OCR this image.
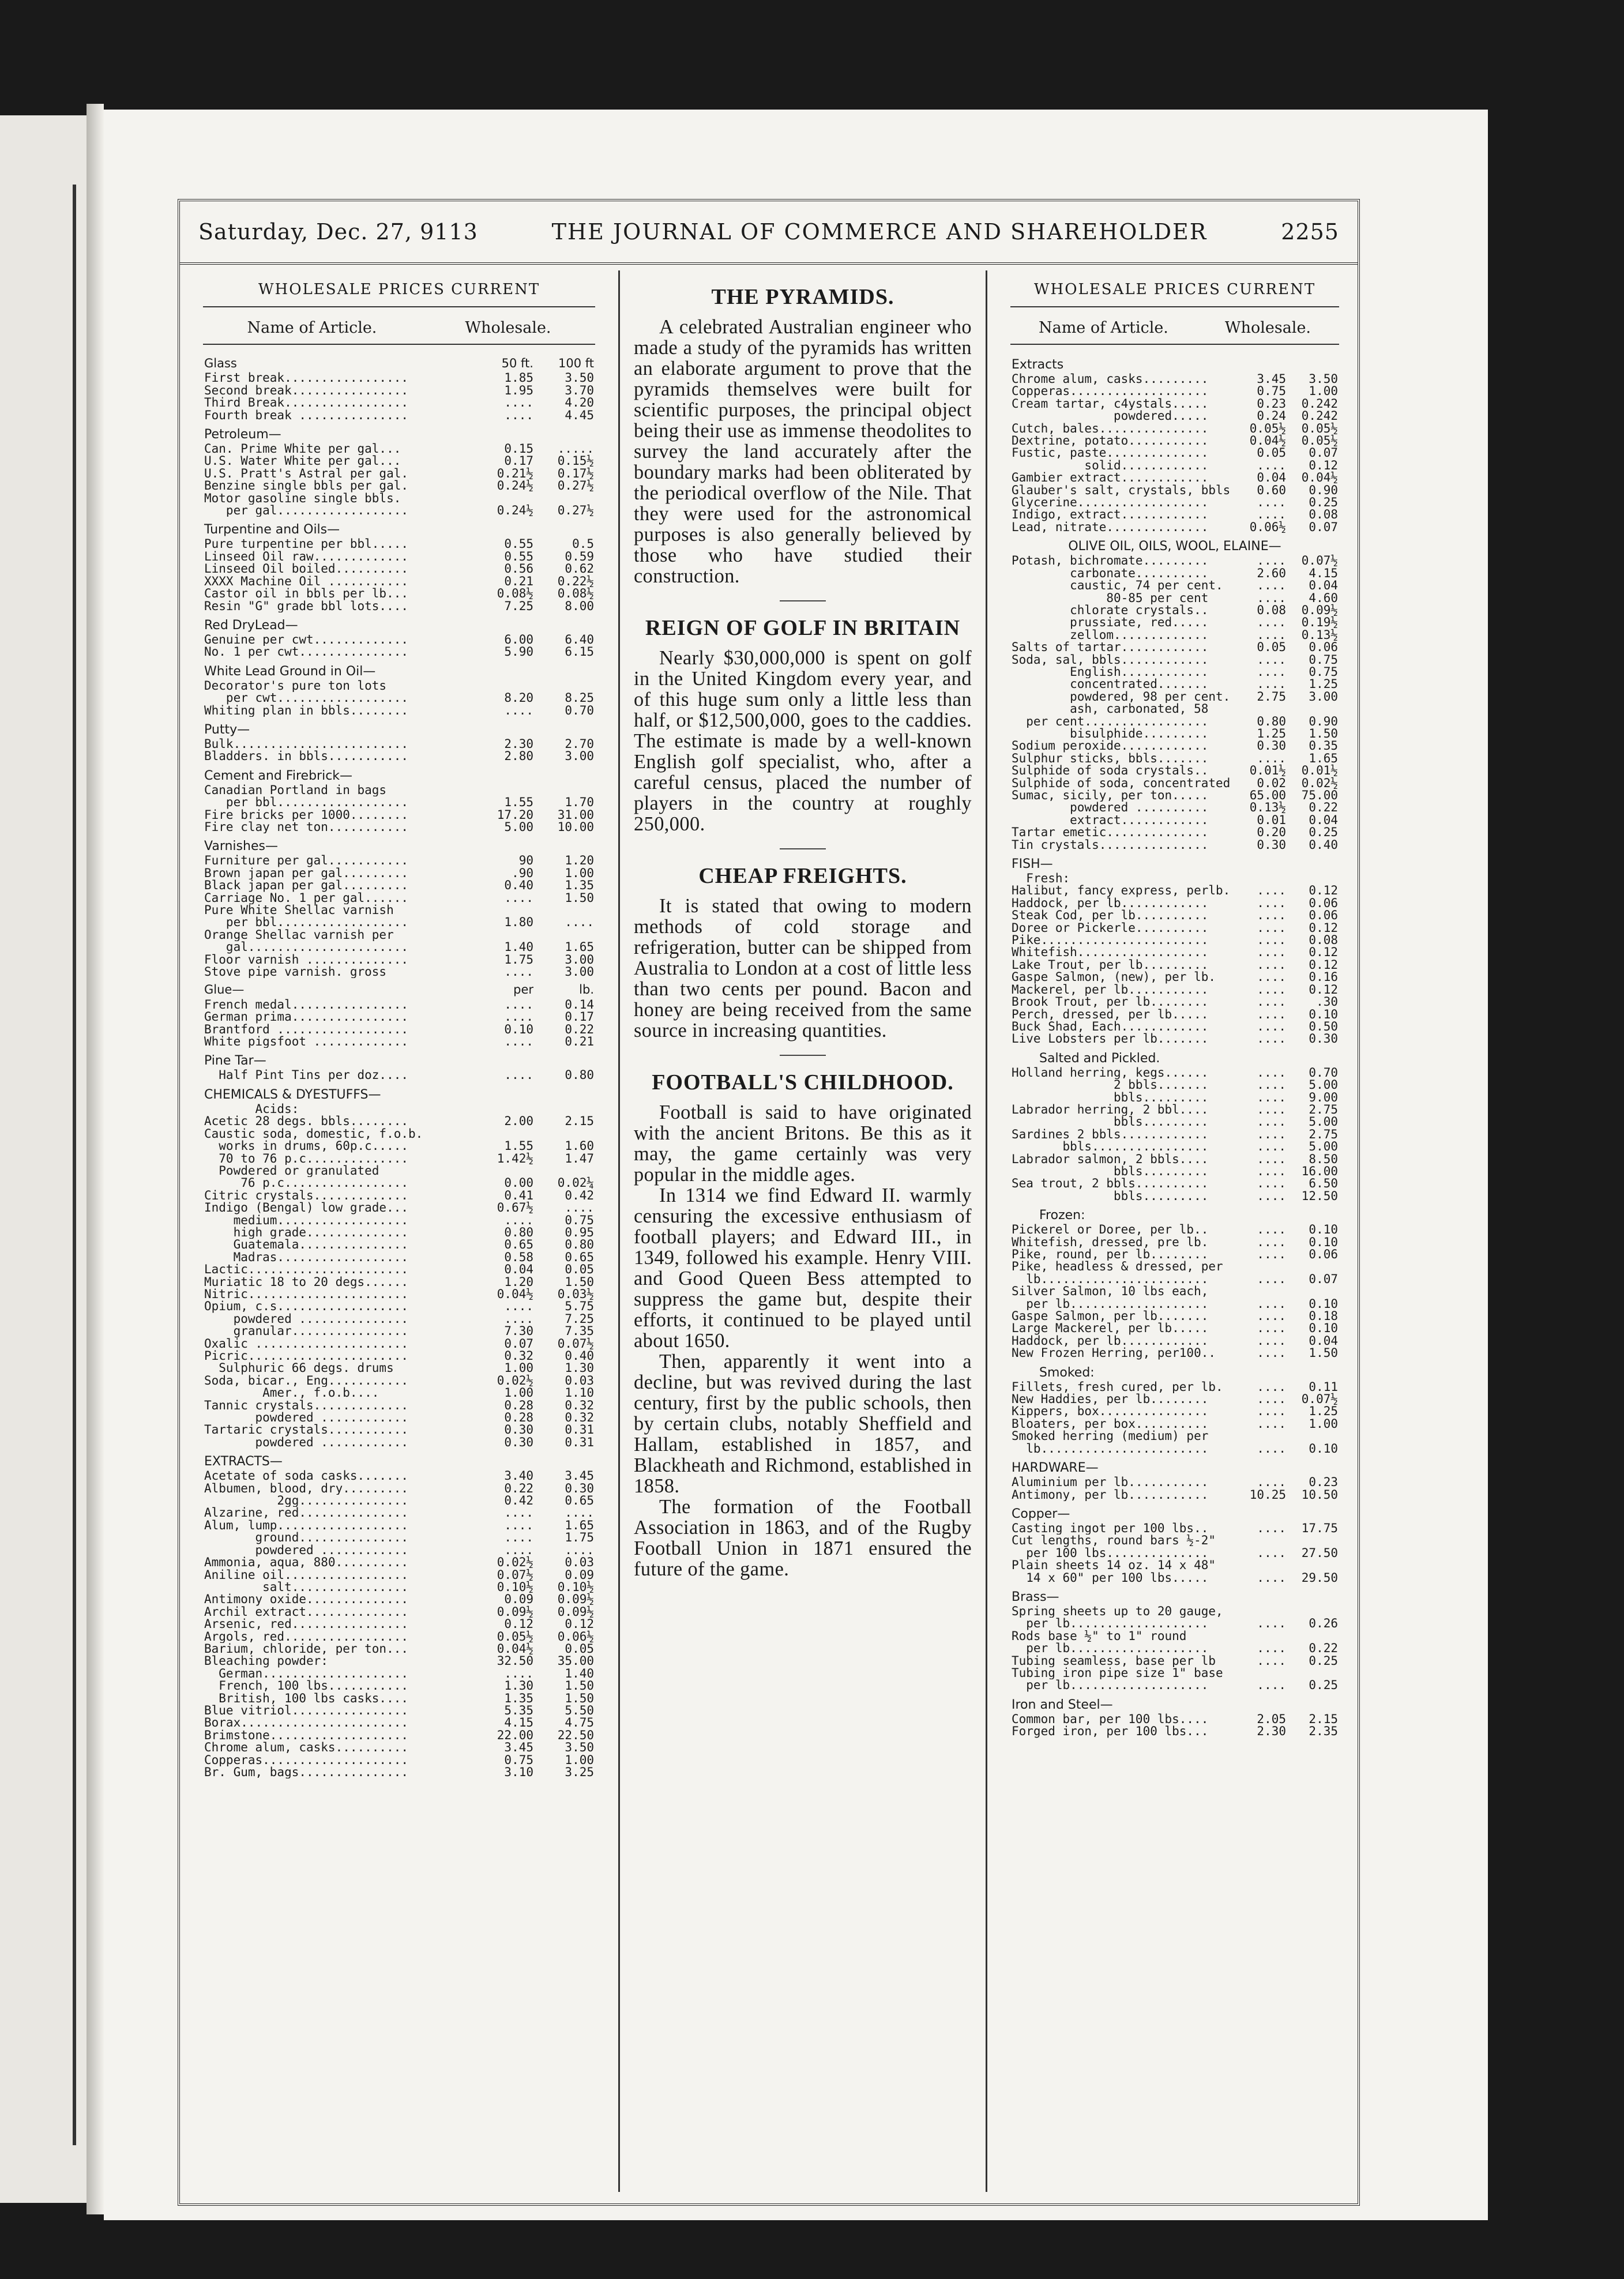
Saturday, Dec. 27, 9113	THE JOURNAL OF COMMERCE AND SHAREHOLDER	2255
WHOLESALE PRICES CURRENT
Name of Article.	Wholesale.
Glass	50 ft.	100 ft
First break.................	1.85	3.50
Second break................	1.95	3.70
Third Break.................	....	4.20
Fourth break ...............	....	4.45
Petroleum—
Can. Prime White per gal...	0.15	.....
U.S. Water White per gal...	0.17	0.15½
U.S. Pratt's Astral per gal.	0.21½	0.17½
Benzine single bbls per gal.	0.24½	0.27½
Motor gasoline single bbls.
per gal..................	0.24½	0.27½
Turpentine and Oils—
Pure turpentine per bbl.....	0.55	0.5
Linseed Oil raw.............	0.55	0.59
Linseed Oil boiled..........	0.56	0.62
XXXX Machine Oil ...........	0.21	0.22½
Castor oil in bbls per lb...	0.08½	0.08½
Resin "G" grade bbl lots....	7.25	8.00
Red DryLead—
Genuine per cwt.............	6.00	6.40
No. 1 per cwt...............	5.90	6.15
White Lead Ground in Oil—
Decorator's pure ton lots
per cwt..................	8.20	8.25
Whiting plan in bbls........	....	0.70
Putty—
Bulk........................	2.30	2.70
Bladders. in bbls...........	2.80	3.00
Cement and Firebrick—
Canadian Portland in bags
per bbl..................	1.55	1.70
Fire bricks per 1000........	17.20	31.00
Fire clay net ton...........	5.00	10.00
Varnishes—
Furniture per gal...........	90	1.20
Brown japan per gal.........	.90	1.00
Black japan per gal.........	0.40	1.35
Carriage No. 1 per gal......	....	1.50
Pure White Shellac varnish
per bbl..................	1.80	....
Orange Shellac varnish per
gal......................	1.40	1.65
Floor varnish ..............	1.75	3.00
Stove pipe varnish. gross	....	3.00
Glue—	per	lb.
French medal................	....	0.14
German prima................	....	0.17
Brantford ..................	0.10	0.22
White pigsfoot .............	....	0.21
Pine Tar—
Half Pint Tins per doz....	....	0.80
CHEMICALS & DYESTUFFS—
Acids:
Acetic 28 degs. bbls........	2.00	2.15
Caustic soda, domestic, f.o.b.
works in drums, 60p.c.....	1.55	1.60
70 to 76 p.c..............	1.42½	1.47
Powdered or granulated
76 p.c.................	0.00	0.02¼
Citric crystals.............	0.41	0.42
Indigo (Bengal) low grade...	0.67½	....
medium..................	....	0.75
high grade..............	0.80	0.95
Guatemala...............	0.65	0.80
Madras..................	0.58	0.65
Lactic......................	0.04	0.05
Muriatic 18 to 20 degs......	1.20	1.50
Nitric......................	0.04½	0.03½
Opium, c.s..................	....	5.75
powdered ...............	....	7.25
granular................	7.30	7.35
Oxalic .....................	0.07	0.07½
Picric......................	0.32	0.40
Sulphuric 66 degs. drums	1.00	1.30
Soda, bicar., Eng...........	0.02½	0.03
Amer., f.o.b....	1.00	1.10
Tannic crystals.............	0.28	0.32
powdered ............	0.28	0.32
Tartaric crystals...........	0.30	0.31
powdered ............	0.30	0.31
EXTRACTS—
Acetate of soda casks.......	3.40	3.45
Albumen, blood, dry.........	0.22	0.30
2gg...............	0.42	0.65
Alzarine, red...............	....	....
Alum, lump..................	....	1.65
ground...............	....	1.75
powdered ............	....	....
Ammonia, aqua, 880..........	0.02½	0.03
Aniline oil.................	0.07½	0.09
salt................	0.10½	0.10½
Antimony oxide..............	0.09	0.09½
Archil extract..............	0.09½	0.09½
Arsenic, red................	0.12	0.12
Argols, red.................	0.05½	0.06½
Barium, chloride, per ton...	0.04½	0.05
Bleaching powder:	32.50	35.00
German....................	....	1.40
French, 100 lbs...........	1.30	1.50
British, 100 lbs casks....	1.35	1.50
Blue vitriol................	5.35	5.50
Borax.......................	4.15	4.75
Brimstone...................	22.00	22.50
Chrome alum, casks..........	3.45	3.50
Copperas....................	0.75	1.00
Br. Gum, bags...............	3.10	3.25
THE PYRAMIDS.

A celebrated Australian engineer who made a study of the pyramids has written an elaborate argument to prove that the pyramids themselves were built for scientific purposes, the principal object being their use as immense theodolites to survey the land accurately after the boundary marks had been obliterated by the periodical overflow of the Nile. That they were used for the astronomical purposes is also generally believed by those who have studied their construction.

REIGN OF GOLF IN BRITAIN

Nearly $30,000,000 is spent on golf in the United Kingdom every year, and of this huge sum only a little less than half, or $12,500,000, goes to the caddies. The estimate is made by a well-known English golf specialist, who, after a careful census, placed the number of players in the country at roughly 250,000.

CHEAP FREIGHTS.

It is stated that owing to modern methods of cold storage and refrigeration, butter can be shipped from Australia to London at a cost of little less than two cents per pound. Bacon and honey are being received from the same source in increasing quantities.

FOOTBALL'S CHILDHOOD.

Football is said to have originated with the ancient Britons. Be this as it may, the game certainly was very popular in the middle ages.

In 1314 we find Edward II. warmly censuring the excessive enthusiasm of football players; and Edward III., in 1349, followed his example. Henry VIII. and Good Queen Bess attempted to suppress the game but, despite their efforts, it continued to be played until about 1650.

Then, apparently it went into a decline, but was revived during the last century, first by the public schools, then by certain clubs, notably Sheffield and Hallam, established in 1857, and Blackheath and Richmond, established in 1858.

The formation of the Football Association in 1863, and of the Rugby Football Union in 1871 ensured the future of the game.

WHOLESALE PRICES CURRENT
Name of Article.	Wholesale.
Extracts
Chrome alum, casks.........	3.45	3.50
Copperas...................	0.75	1.00
Cream tartar, c4ystals.....	0.23	0.242
powdered.....	0.24	0.242
Cutch, bales...............	0.05½	0.05½
Dextrine, potato...........	0.04½	0.05½
Fustic, paste..............	0.05	0.07
solid............	....	0.12
Gambier extract............	0.04	0.04½
Glauber's salt, crystals, bbls	0.60	0.90
Glycerine..................	....	0.25
Indigo, extract............	....	0.08
Lead, nitrate..............	0.06½	0.07
OLIVE OIL, OILS, WOOL, ELAINE—
Potash, bichromate.........	....	0.07½
carbonate..........	2.60	4.15
caustic, 74 per cent.	....	0.04
80-85 per cent	....	4.60
chlorate crystals..	0.08	0.09½
prussiate, red.....	....	0.19½
zellom.............	....	0.13½
Salts of tartar............	0.05	0.06
Soda, sal, bbls............	....	0.75
English............	....	0.75
concentrated.......	....	1.25
powdered, 98 per cent.	2.75	3.00
ash, carbonated, 58
per cent.................	0.80	0.90
bisulphide.........	1.25	1.50
Sodium peroxide............	0.30	0.35
Sulphur sticks, bbls.......	....	1.65
Sulphide of soda crystals..	0.01½	0.01½
Sulphide of soda, concentrated	0.02	0.02½
Sumac, sicily, per ton.....	65.00	75.00
powdered ..........	0.13½	0.22
extract............	0.01	0.04
Tartar emetic..............	0.20	0.25
Tin crystals...............	0.30	0.40
FISH—
Fresh:
Halibut, fancy express, perlb.	....	0.12
Haddock, per lb............	....	0.06
Steak Cod, per lb..........	....	0.06
Doree or Pickerle..........	....	0.12
Pike.......................	....	0.08
Whitefish..................	....	0.12
Lake Trout, per lb.........	....	0.12
Gaspe Salmon, (new), per lb.	....	0.16
Mackerel, per lb...........	....	0.12
Brook Trout, per lb........	....	.30
Perch, dressed, per lb.....	....	0.10
Buck Shad, Each............	....	0.50
Live Lobsters per lb.......	....	0.30
Salted and Pickled.
Holland herring, kegs......	....	0.70
2 bbls.......	....	5.00
bbls.........	....	9.00
Labrador herring, 2 bbl....	....	2.75
bbls.........	....	5.00
Sardines 2 bbls............	....	2.75
bbls................	....	5.00
Labrador salmon, 2 bbls....	....	8.50
bbls.........	....	16.00
Sea trout, 2 bbls..........	....	6.50
bbls.........	....	12.50
Frozen:
Pickerel or Doree, per lb..	....	0.10
Whitefish, dressed, pre lb.	....	0.10
Pike, round, per lb........	....	0.06
Pike, headless & dressed, per
lb.......................	....	0.07
Silver Salmon, 10 lbs each,
per lb...................	....	0.10
Gaspe Salmon, per lb.......	....	0.18
Large Mackerel, per lb.....	....	0.10
Haddock, per lb............	....	0.04
New Frozen Herring, per100..	....	1.50
Smoked:
Fillets, fresh cured, per lb.	....	0.11
New Haddies, per lb........	....	0.07½
Kippers, box...............	....	1.25
Bloaters, per box..........	....	1.00
Smoked herring (medium) per
lb.......................	....	0.10
HARDWARE—
Aluminium per lb...........	....	0.23
Antimony, per lb...........	10.25	10.50
Copper—
Casting ingot per 100 lbs..	....	17.75
Cut lengths, round bars ½-2"
per 100 lbs..............	....	27.50
Plain sheets 14 oz. 14 x 48"
14 x 60" per 100 lbs.....	....	29.50
Brass—
Spring sheets up to 20 gauge,
per lb...................	....	0.26
Rods base ½" to 1" round
per lb...................	....	0.22
Tubing seamless, base per lb	....	0.25
Tubing iron pipe size 1" base
per lb...................	....	0.25
Iron and Steel—
Common bar, per 100 lbs....	2.05	2.15
Forged iron, per 100 lbs...	2.30	2.35
